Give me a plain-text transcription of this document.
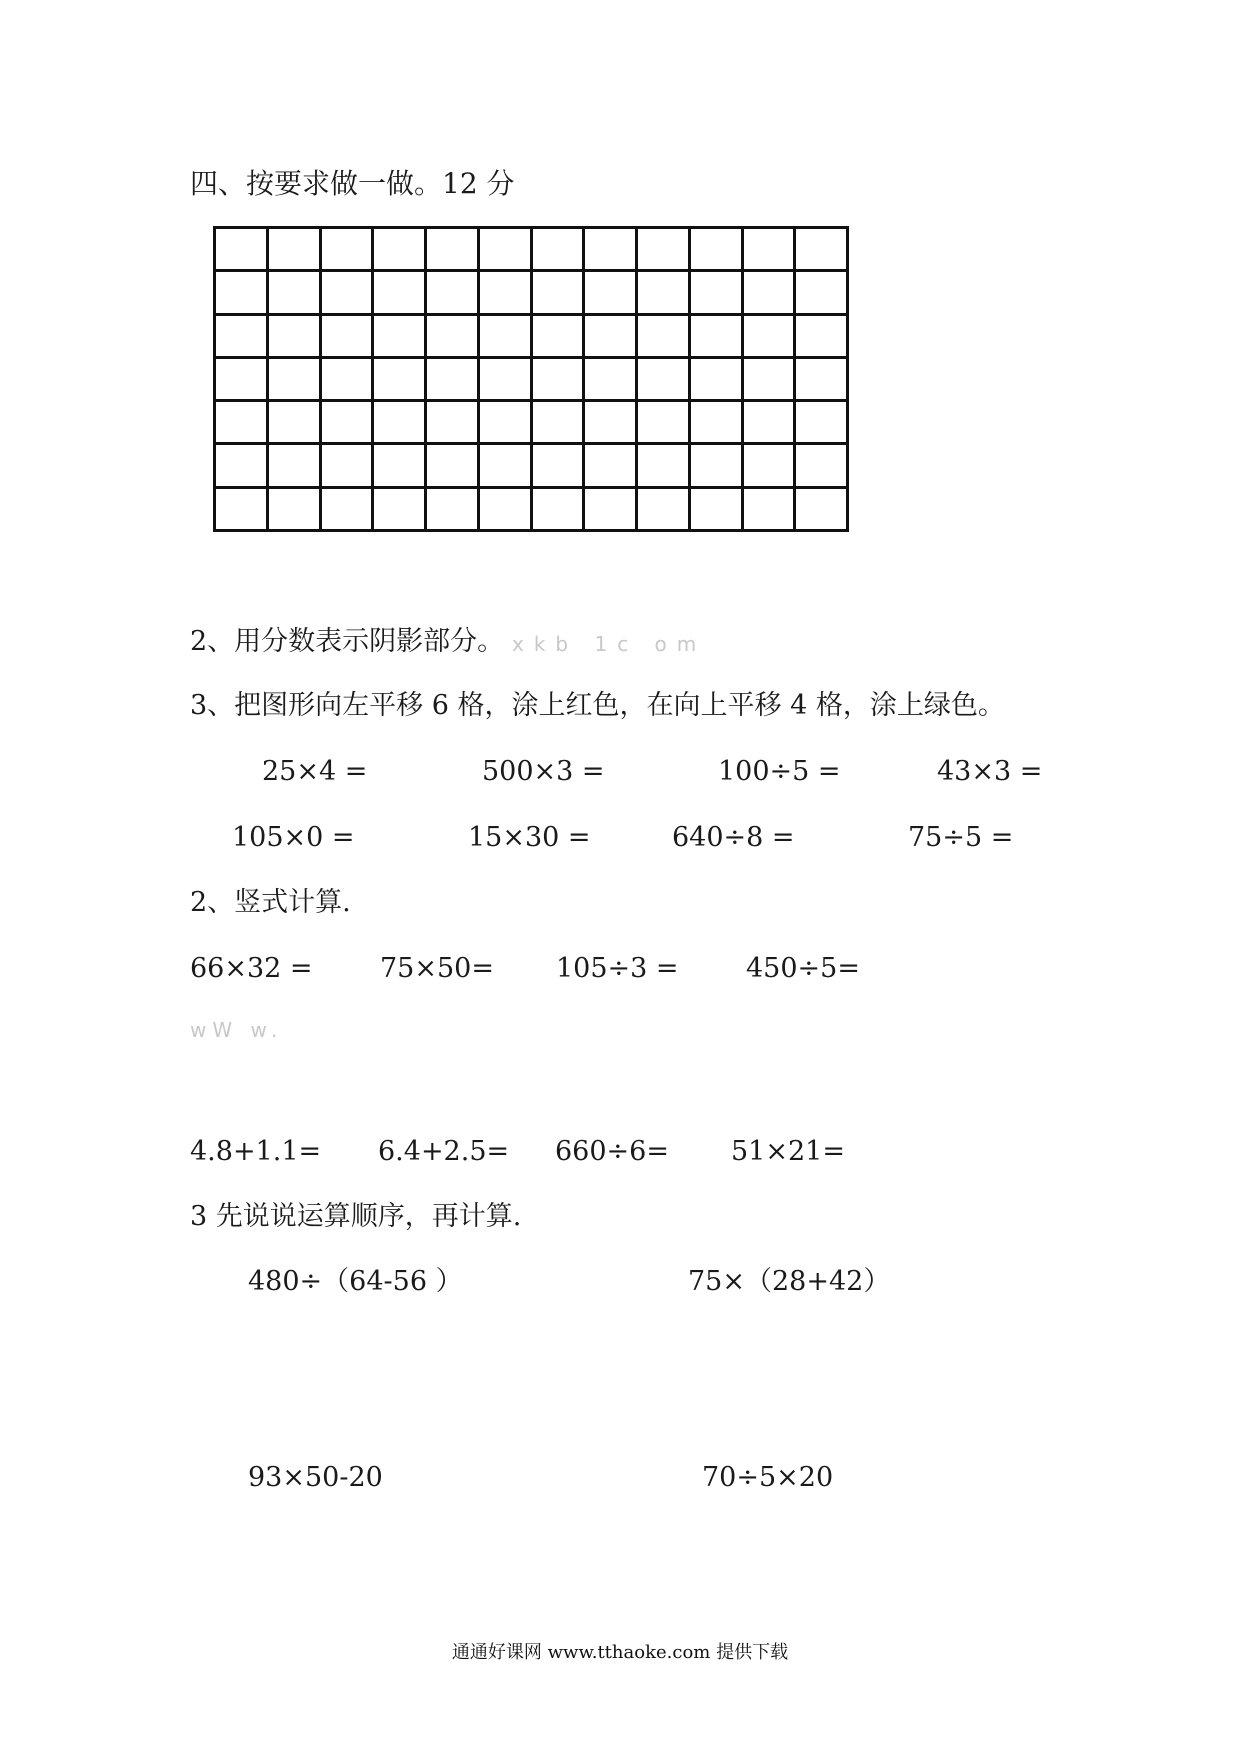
四、按要求做一做。12 分
2、用分数表示阴影部分。 xkb 1c om
3、把图形向左平移 6 格，涂上红色，在向上平移 4 格，涂上绿色。
25×4 =	500×3 =	100÷5 =	43×3 =
105×0 =	15×30 =	640÷8 =	75÷5 =
2、竖式计算.
66×32 = 75×50= 105÷3 = 450÷5=
wW w.
4.8+1.1= 6.4+2.5= 660÷6= 51×21=
3 先说说运算顺序，再计算.
480÷（64-56 ）	75×（28+42）
93×50-20	70÷5×20
通通好课网 www.tthaoke.com 提供下载
